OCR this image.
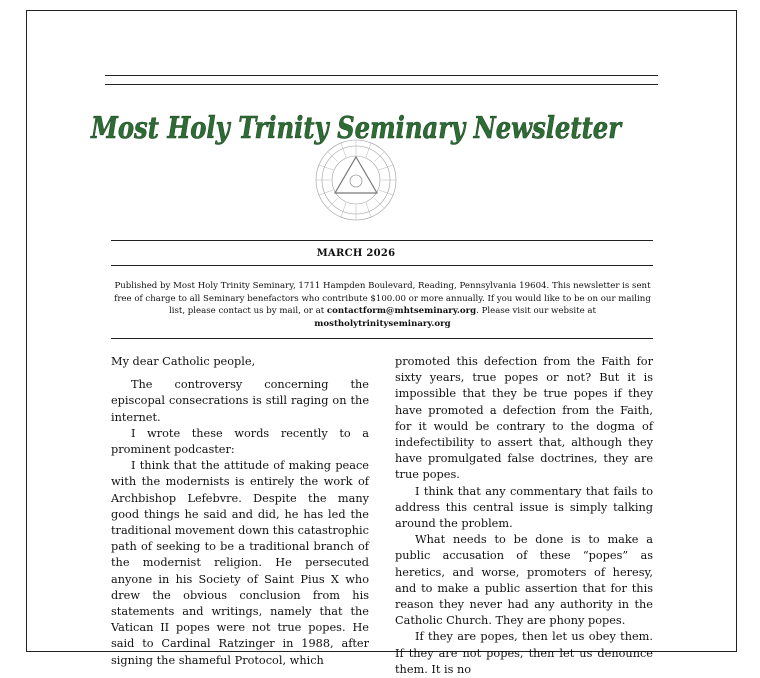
Most Holy Trinity Seminary Newsletter
MARCH 2026
Published by Most Holy Trinity Seminary, 1711 Hampden Boulevard, Reading, Pennsylvania 19604. This newsletter is sent free of charge to all Seminary benefactors who contribute $100.00 or more annually. If you would like to be on our mailing list, please contact us by mail, or at contactform@mhtseminary.org. Please visit our website at mostholytrinityseminary.org

My dear Catholic people,

The controversy concerning the episcopal consecrations is still raging on the internet.

I wrote these words recently to a prominent podcaster:

I think that the attitude of making peace with the modernists is entirely the work of Archbishop Lefebvre. Despite the many good things he said and did, he has led the traditional movement down this catastrophic path of seeking to be a traditional branch of the modernist religion. He persecuted anyone in his Society of Saint Pius X who drew the obvious conclusion from his statements and writings, namely that the Vatican II popes were not true popes. He said to Cardinal Ratzinger in 1988, after signing the shameful Protocol, which

promoted this defection from the Faith for sixty years, true popes or not? But it is impossible that they be true popes if they have promoted a defection from the Faith, for it would be contrary to the dogma of indefectibility to assert that, although they have promulgated false doctrines, they are true popes.

I think that any commentary that fails to address this central issue is simply talking around the problem.

What needs to be done is to make a public accusation of these “popes” as heretics, and worse, promoters of heresy, and to make a public assertion that for this reason they never had any authority in the Catholic Church. They are phony popes.

If they are popes, then let us obey them. If they are not popes, then let us denounce them. It is no
